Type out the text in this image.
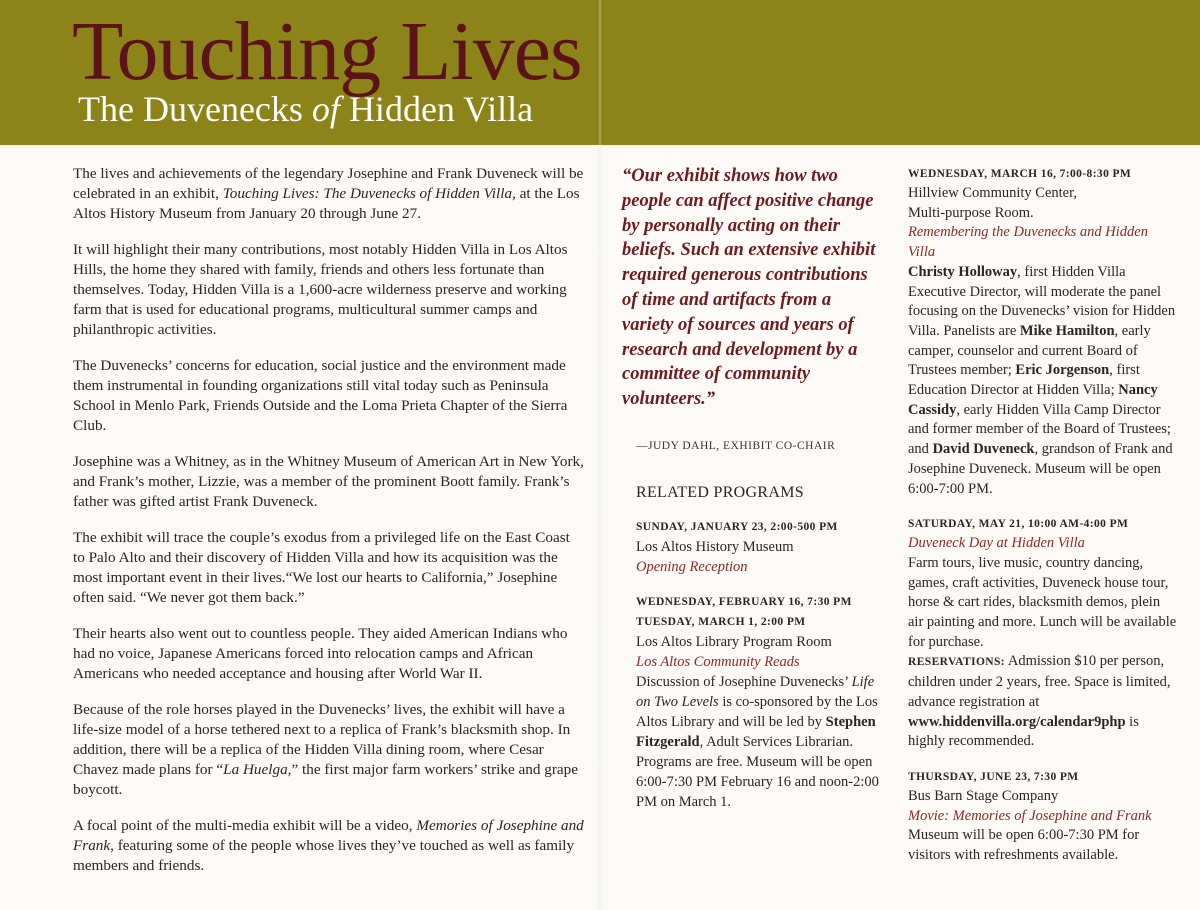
Touching Lives
The Duvenecks of Hidden Villa

The lives and achievements of the legendary Josephine and Frank Duveneck will be celebrated in an exhibit, Touching Lives: The Duvenecks of Hidden Villa, at the Los Altos History Museum from January 20 through June 27.

It will highlight their many contributions, most notably Hidden Villa in Los Altos Hills, the home they shared with family, friends and others less fortunate than themselves. Today, Hidden Villa is a 1,600-acre wilderness preserve and working farm that is used for educational programs, multicultural summer camps and philanthropic activities.

The Duvenecks’ concerns for education, social justice and the environment made them instrumental in founding organizations still vital today such as Peninsula School in Menlo Park, Friends Outside and the Loma Prieta Chapter of the Sierra Club.

Josephine was a Whitney, as in the Whitney Museum of American Art in New York, and Frank’s mother, Lizzie, was a member of the prominent Boott family. Frank’s father was gifted artist Frank Duveneck.

The exhibit will trace the couple’s exodus from a privileged life on the East Coast to Palo Alto and their discovery of Hidden Villa and how its acquisition was the most important event in their lives.“We lost our hearts to California,” Josephine often said. “We never got them back.”

Their hearts also went out to countless people. They aided American Indians who had no voice, Japanese Americans forced into relocation camps and African Americans who needed acceptance and housing after World War II.

Because of the role horses played in the Duvenecks’ lives, the exhibit will have a life-size model of a horse tethered next to a replica of Frank’s blacksmith shop. In addition, there will be a replica of the Hidden Villa dining room, where Cesar Chavez made plans for “La Huelga,” the first major farm workers’ strike and grape boycott.

A focal point of the multi-media exhibit will be a video, Memories of Josephine and Frank, featuring some of the people whose lives they’ve touched as well as family members and friends.

“Our exhibit shows how two people can affect positive change by personally acting on their beliefs. Such an extensive exhibit required generous contributions of time and artifacts from a variety of sources and years of research and development by a committee of community volunteers.”

—JUDY DAHL, EXHIBIT CO-CHAIR
RELATED PROGRAMS
SUNDAY, JANUARY 23, 2:00-500 PM
Los Altos History Museum
Opening Reception
WEDNESDAY, FEBRUARY 16, 7:30 PM
TUESDAY, MARCH 1, 2:00 PM
Los Altos Library Program Room
Los Altos Community Reads
Discussion of Josephine Duvenecks’ Life on Two Levels is co-sponsored by the Los Altos Library and will be led by Stephen Fitzgerald, Adult Services Librarian. Programs are free. Museum will be open 6:00-7:30 PM February 16 and noon-2:00 PM on March 1.
WEDNESDAY, MARCH 16, 7:00-8:30 PM
Hillview Community Center,
Multi-purpose Room.
Remembering the Duvenecks and Hidden Villa
Christy Holloway, first Hidden Villa Executive Director, will moderate the panel focusing on the Duvenecks’ vision for Hidden Villa. Panelists are Mike Hamilton, early camper, counselor and current Board of Trustees member; Eric Jorgenson, first Education Director at Hidden Villa; Nancy Cassidy, early Hidden Villa Camp Director and former member of the Board of Trustees; and David Duveneck, grandson of Frank and Josephine Duveneck. Museum will be open 6:00-7:00 PM.
SATURDAY, MAY 21, 10:00 AM-4:00 PM
Duveneck Day at Hidden Villa
Farm tours, live music, country dancing, games, craft activities, Duveneck house tour, horse & cart rides, blacksmith demos, plein air painting and more. Lunch will be available for purchase.
RESERVATIONS: Admission $10 per person, children under 2 years, free. Space is limited, advance registration at www.hiddenvilla.org/calendar9php is highly recommended.
THURSDAY, JUNE 23, 7:30 PM
Bus Barn Stage Company
Movie: Memories of Josephine and Frank
Museum will be open 6:00-7:30 PM for visitors with refreshments available.
